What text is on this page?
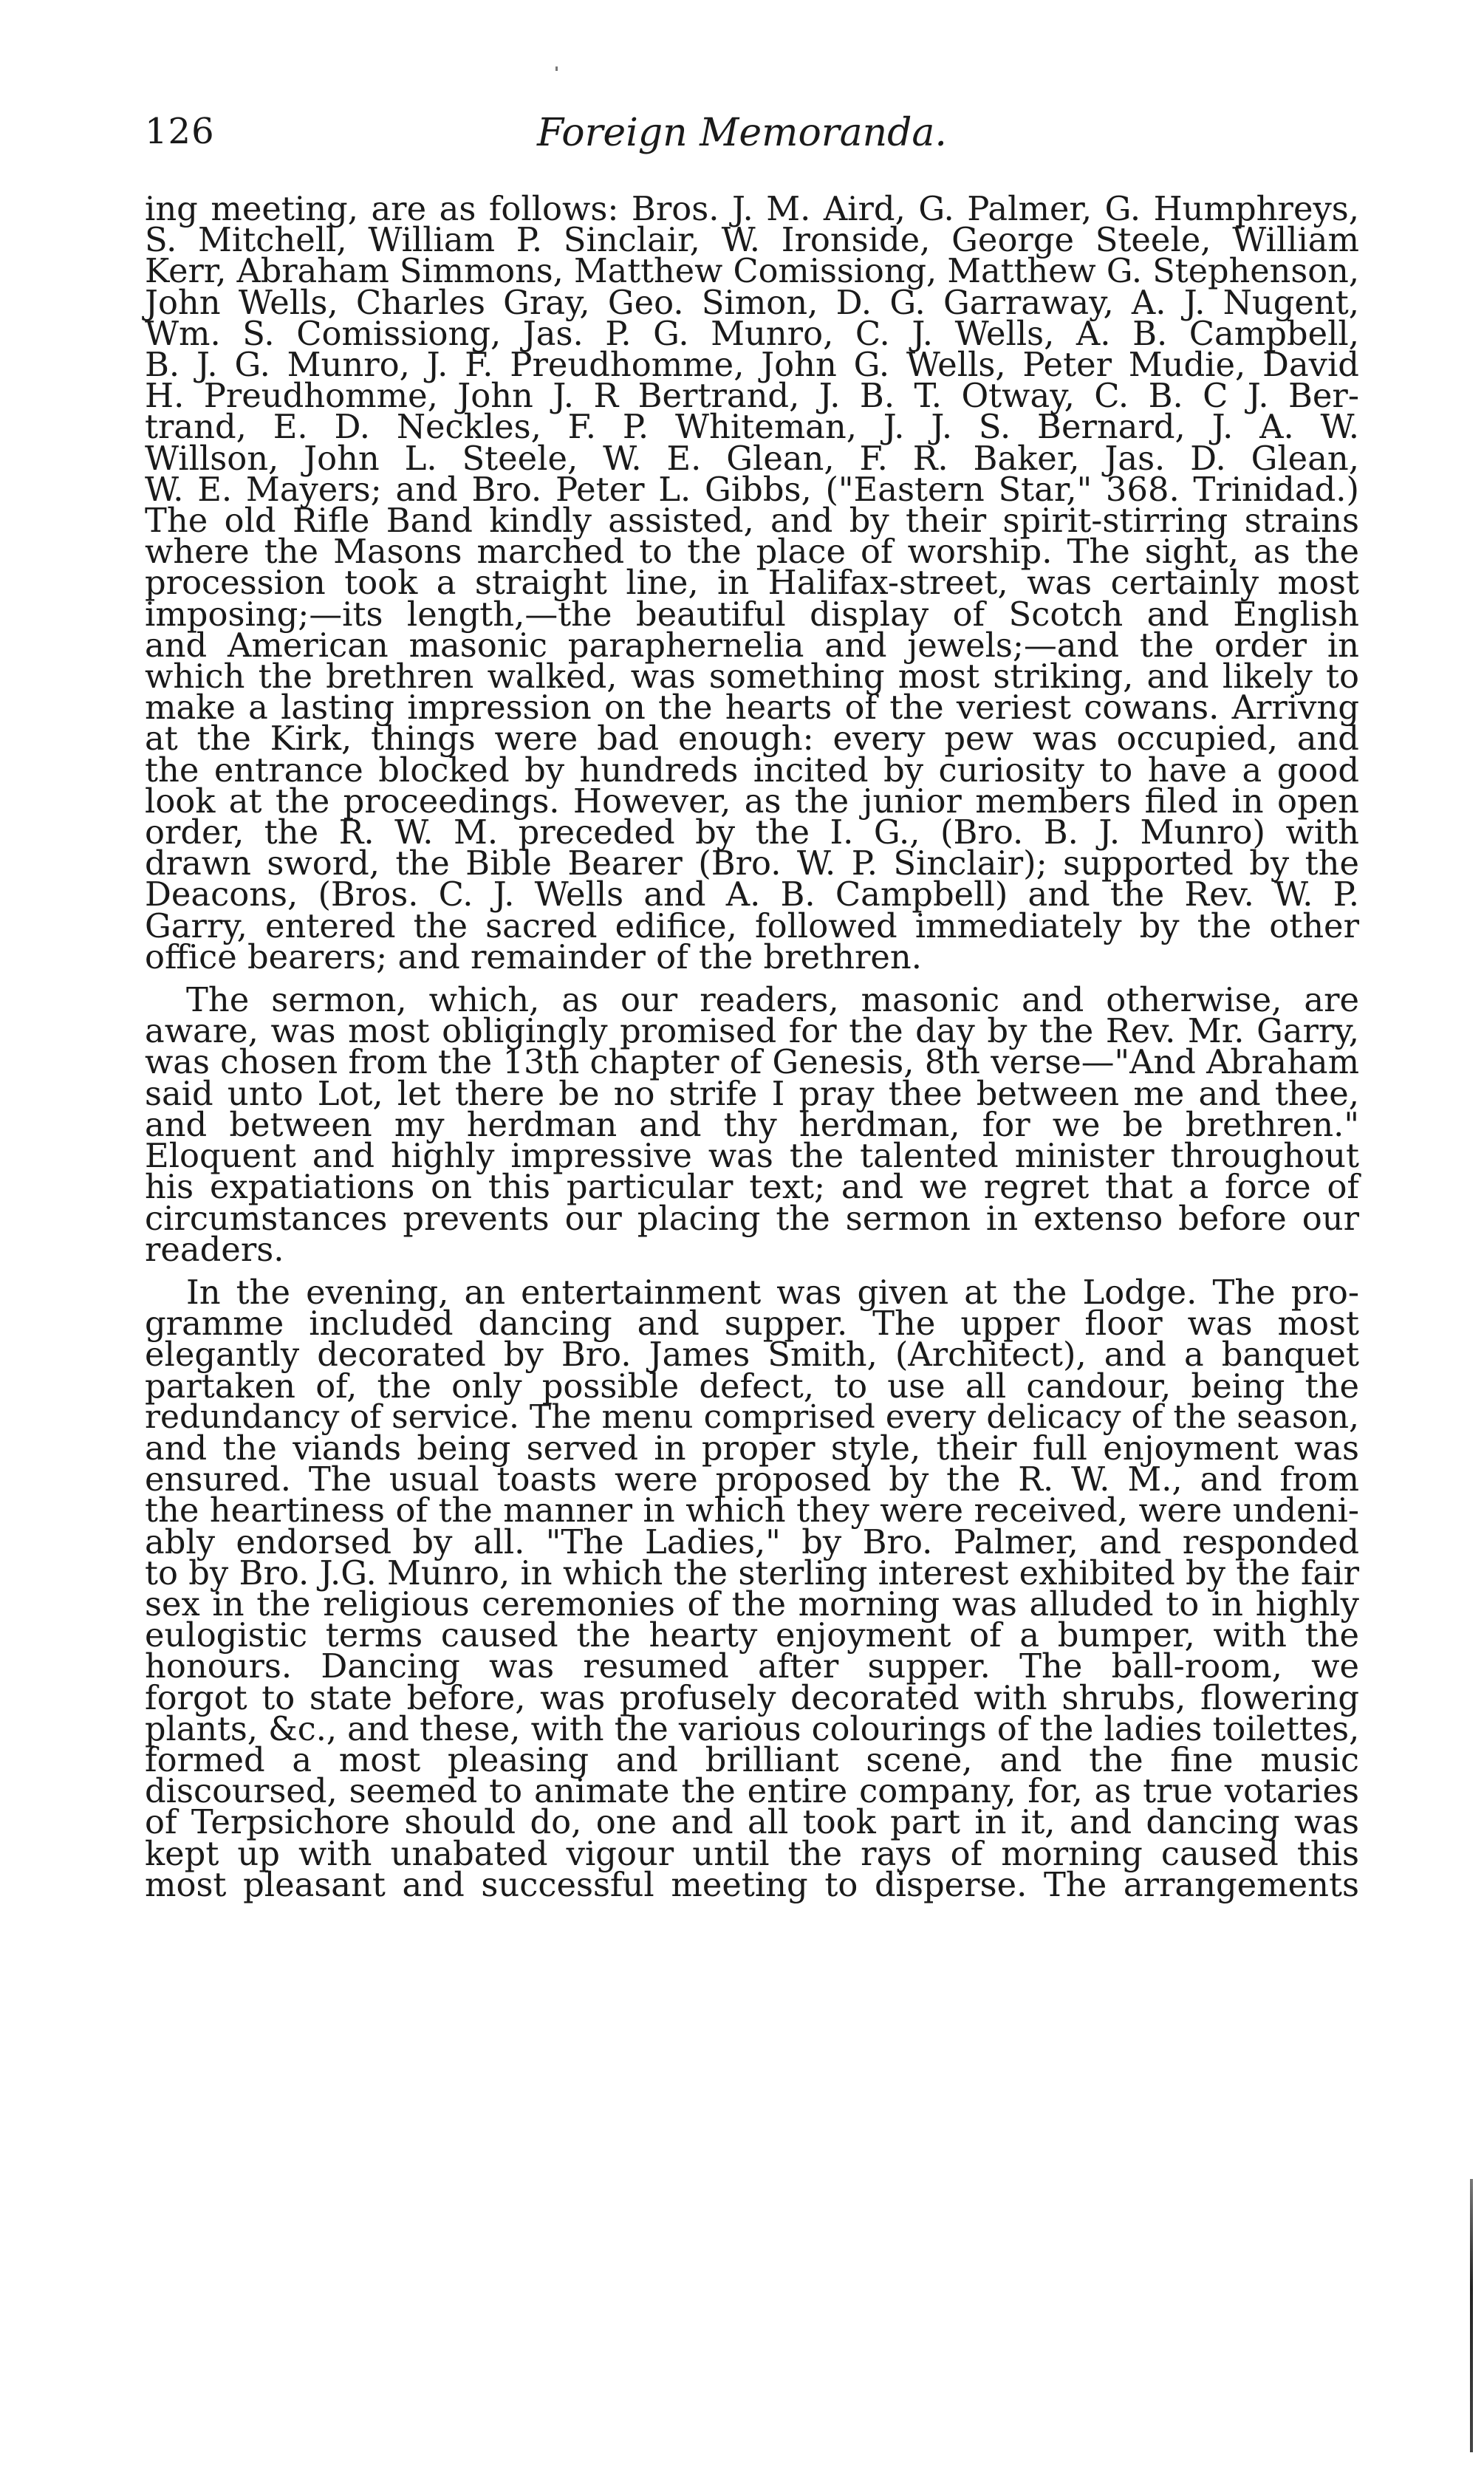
126	Foreign Memoranda.

ing meeting, are as follows: Bros. J. M. Aird, G. Palmer, G. Humphreys,
S. Mitchell, William P. Sinclair, W. Ironside, George Steele, William
Kerr, Abraham Simmons, Matthew Comissiong, Matthew G. Stephenson,
John Wells, Charles Gray, Geo. Simon, D. G. Garraway, A. J. Nugent,
Wm. S. Comissiong, Jas. P. G. Munro, C. J. Wells, A. B. Campbell,
B. J. G. Munro, J. F. Preudhomme, John G. Wells, Peter Mudie, David
H. Preudhomme, John J. R Bertrand, J. B. T. Otway, C. B. C J. Ber-
trand, E. D. Neckles, F. P. Whiteman, J. J. S. Bernard, J. A. W.
Willson, John L. Steele, W. E. Glean, F. R. Baker, Jas. D. Glean,
W. E. Mayers; and Bro. Peter L. Gibbs, ("Eastern Star," 368. Trinidad.)
The old Rifle Band kindly assisted, and by their spirit-stirring strains
where the Masons marched to the place of worship. The sight, as the
procession took a straight line, in Halifax-street, was certainly most
imposing;—its length,—the beautiful display of Scotch and English
and American masonic paraphernelia and jewels;—and the order in
which the brethren walked, was something most striking, and likely to
make a lasting impression on the hearts of the veriest cowans. Arrivng
at the Kirk, things were bad enough: every pew was occupied, and
the entrance blocked by hundreds incited by curiosity to have a good
look at the proceedings. However, as the junior members filed in open
order, the R. W. M. preceded by the I. G., (Bro. B. J. Munro) with
drawn sword, the Bible Bearer (Bro. W. P. Sinclair); supported by the
Deacons, (Bros. C. J. Wells and A. B. Campbell) and the Rev. W. P.
Garry, entered the sacred edifice, followed immediately by the other
office bearers; and remainder of the brethren.

The sermon, which, as our readers, masonic and otherwise, are
aware, was most obligingly promised for the day by the Rev. Mr. Garry,
was chosen from the 13th chapter of Genesis, 8th verse—"And Abraham
said unto Lot, let there be no strife I pray thee between me and thee,
and between my herdman and thy herdman, for we be brethren."
Eloquent and highly impressive was the talented minister throughout
his expatiations on this particular text; and we regret that a force of
circumstances prevents our placing the sermon in extenso before our
readers.

In the evening, an entertainment was given at the Lodge. The pro-
gramme included dancing and supper. The upper floor was most
elegantly decorated by Bro. James Smith, (Architect), and a banquet
partaken of, the only possible defect, to use all candour, being the
redundancy of service. The menu comprised every delicacy of the season,
and the viands being served in proper style, their full enjoyment was
ensured. The usual toasts were proposed by the R. W. M., and from
the heartiness of the manner in which they were received, were undeni-
ably endorsed by all. "The Ladies," by Bro. Palmer, and responded
to by Bro. J.G. Munro, in which the sterling interest exhibited by the fair
sex in the religious ceremonies of the morning was alluded to in highly
eulogistic terms caused the hearty enjoyment of a bumper, with the
honours. Dancing was resumed after supper. The ball-room, we
forgot to state before, was profusely decorated with shrubs, flowering
plants, &c., and these, with the various colourings of the ladies toilettes,
formed a most pleasing and brilliant scene, and the fine music
discoursed, seemed to animate the entire company, for, as true votaries
of Terpsichore should do, one and all took part in it, and dancing was
kept up with unabated vigour until the rays of morning caused this
most pleasant and successful meeting to disperse. The arrangements
